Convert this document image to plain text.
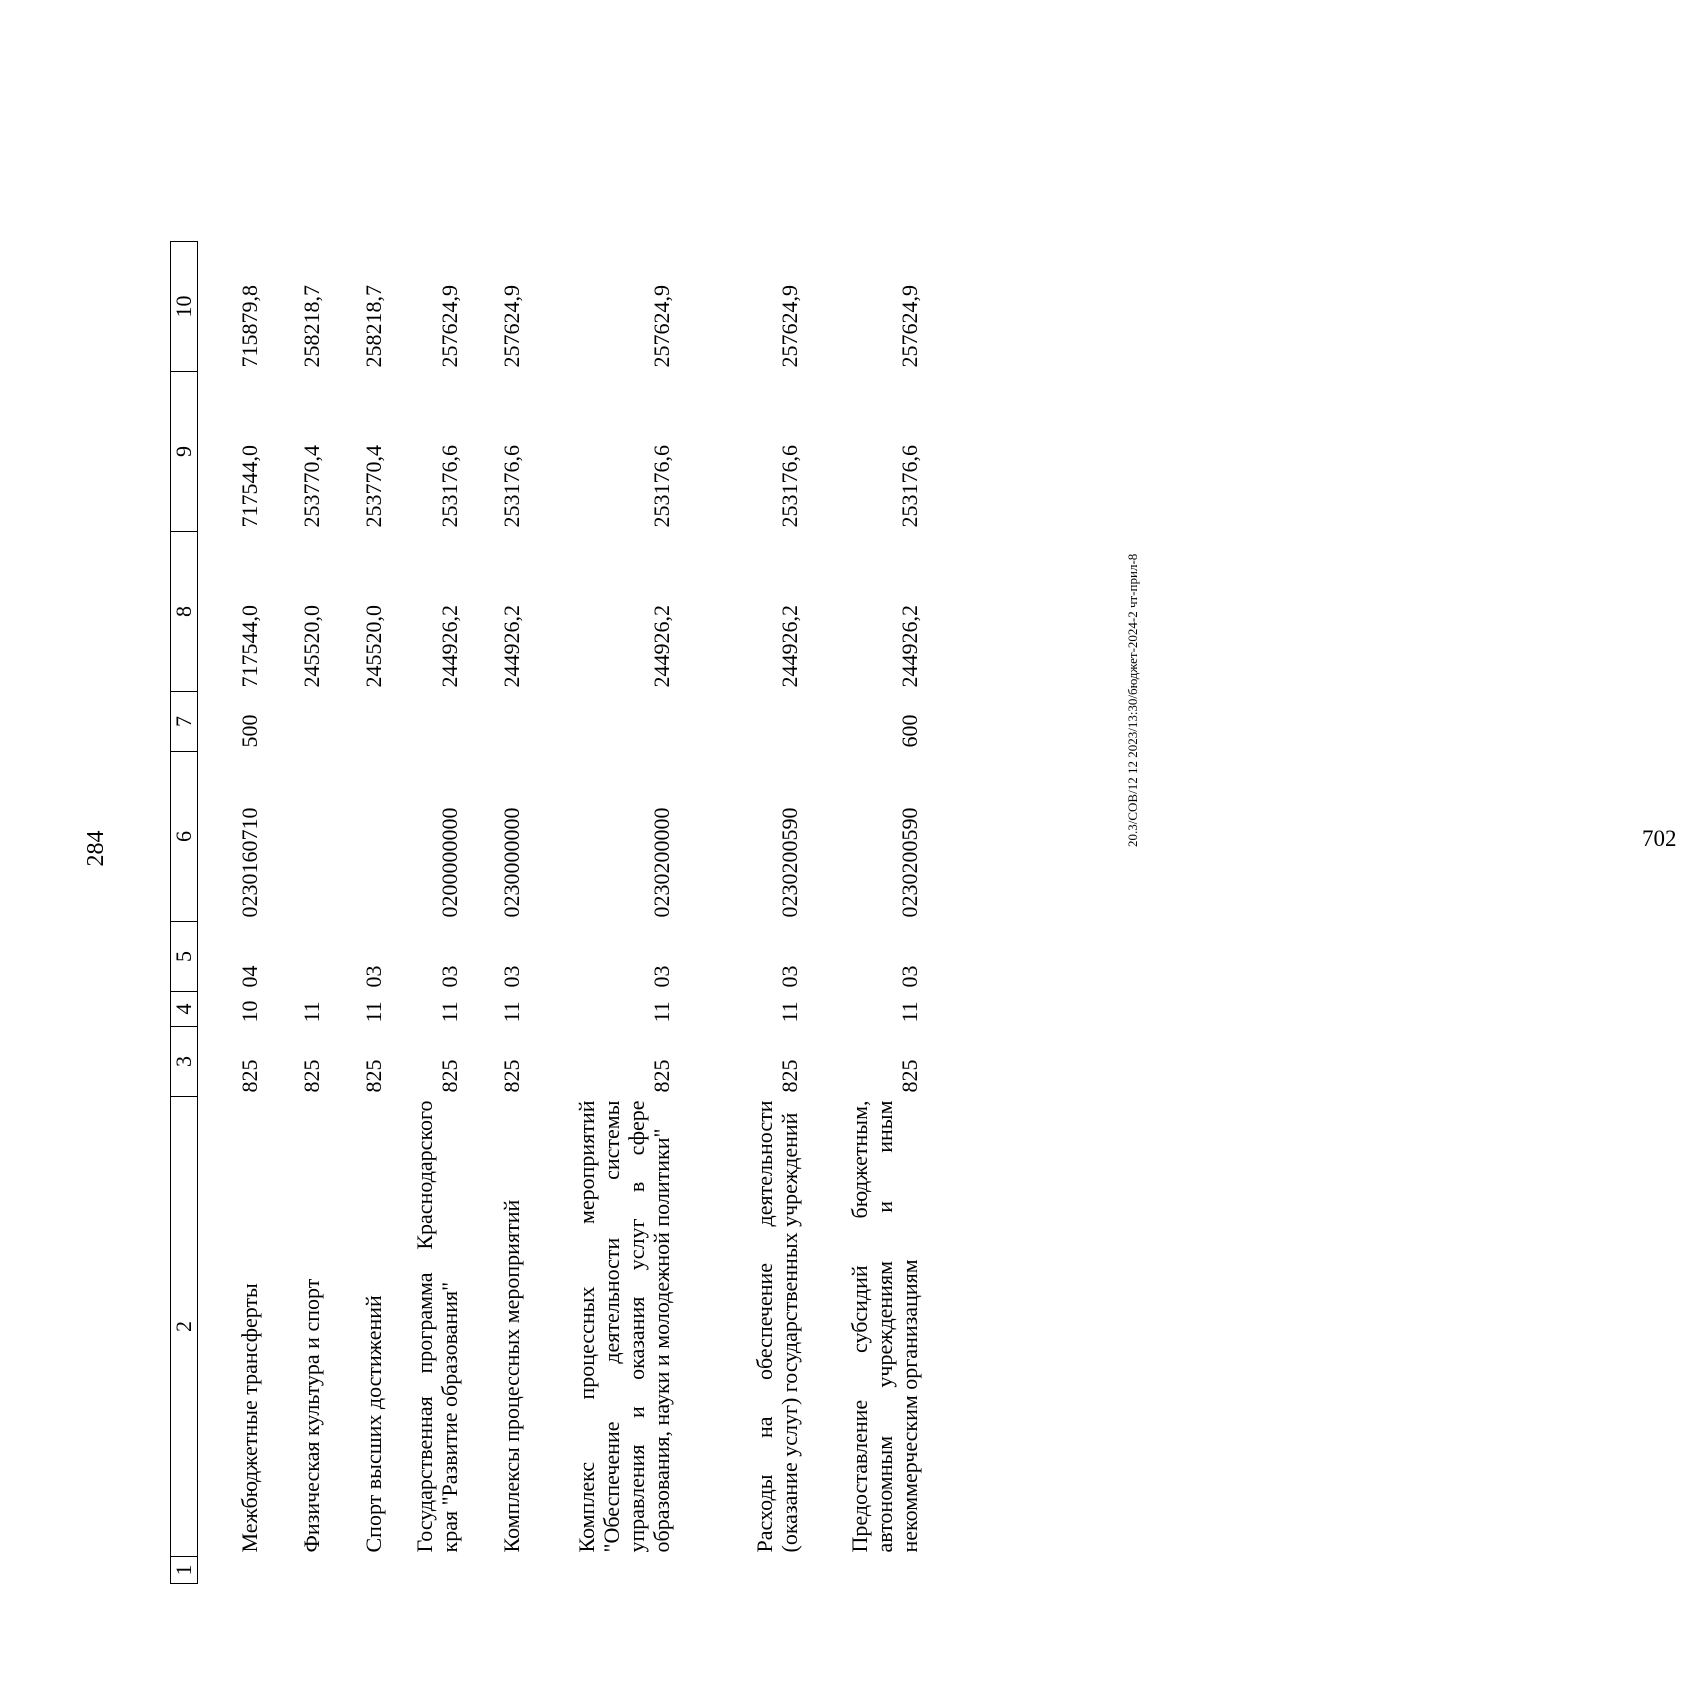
284
1	2	3	4	5	6	7	8	9	10
	Межбюджетные трансферты	825	10	04	0230160710	500	717544,0	717544,0	715879,8
	Физическая культура и спорт	825	11				245520,0	253770,4	258218,7
	Спорт высших достижений	825	11	03			245520,0	253770,4	258218,7
	Государственная программа Краснодарского края "Развитие образования"	825	11	03	0200000000		244926,2	253176,6	257624,9
	Комплексы процессных мероприятий	825	11	03	0230000000		244926,2	253176,6	257624,9
	Комплекс процессных мероприятий "Обеспечение деятельности системы управления и оказания услуг в сфере образования, науки и молодежной политики"	825	11	03	0230200000		244926,2	253176,6	257624,9
	Расходы на обеспечение деятельности (оказание услуг) государственных учреждений	825	11	03	0230200590		244926,2	253176,6	257624,9
	Предоставление субсидий бюджетным, автономным учреждениям и иным некоммерческим организациям	825	11	03	0230200590	600	244926,2	253176,6	257624,9
20.3/СОВ/12 12 2023/13:30/бюджет-2024-2 чт-прил-8	702
